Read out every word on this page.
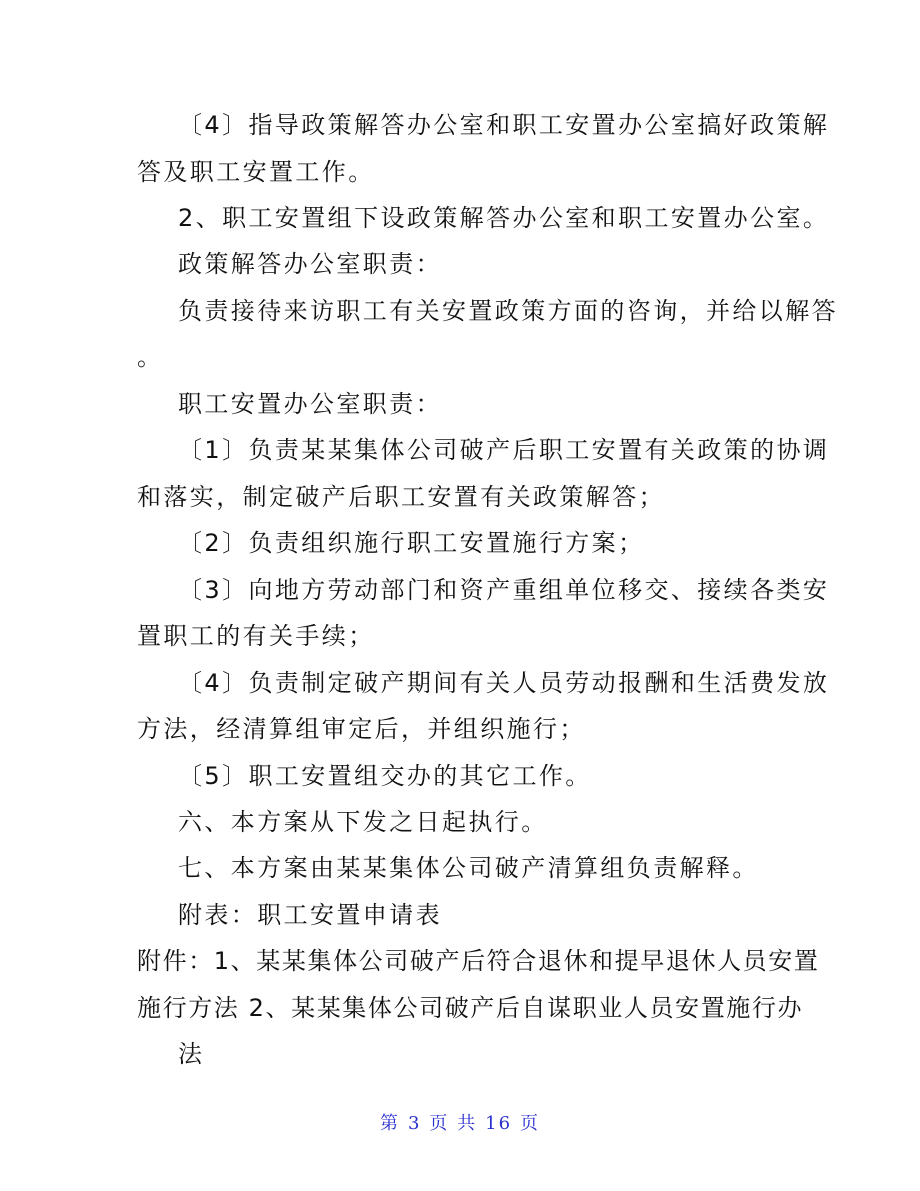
〔4〕指导政策解答办公室和职工安置办公室搞好政策解
答及职工安置工作。
2、职工安置组下设政策解答办公室和职工安置办公室。
政策解答办公室职责：
负责接待来访职工有关安置政策方面的咨询，并给以解答
。
职工安置办公室职责：
〔1〕负责某某集体公司破产后职工安置有关政策的协调
和落实，制定破产后职工安置有关政策解答；
〔2〕负责组织施行职工安置施行方案；
〔3〕向地方劳动部门和资产重组单位移交、接续各类安
置职工的有关手续；
〔4〕负责制定破产期间有关人员劳动报酬和生活费发放
方法，经清算组审定后，并组织施行；
〔5〕职工安置组交办的其它工作。
六、本方案从下发之日起执行。
七、本方案由某某集体公司破产清算组负责解释。
附表：职工安置申请表
附件：1、某某集体公司破产后符合退休和提早退休人员安置
施行方法 2、某某集体公司破产后自谋职业人员安置施行办
法
第 3 页 共 16 页
